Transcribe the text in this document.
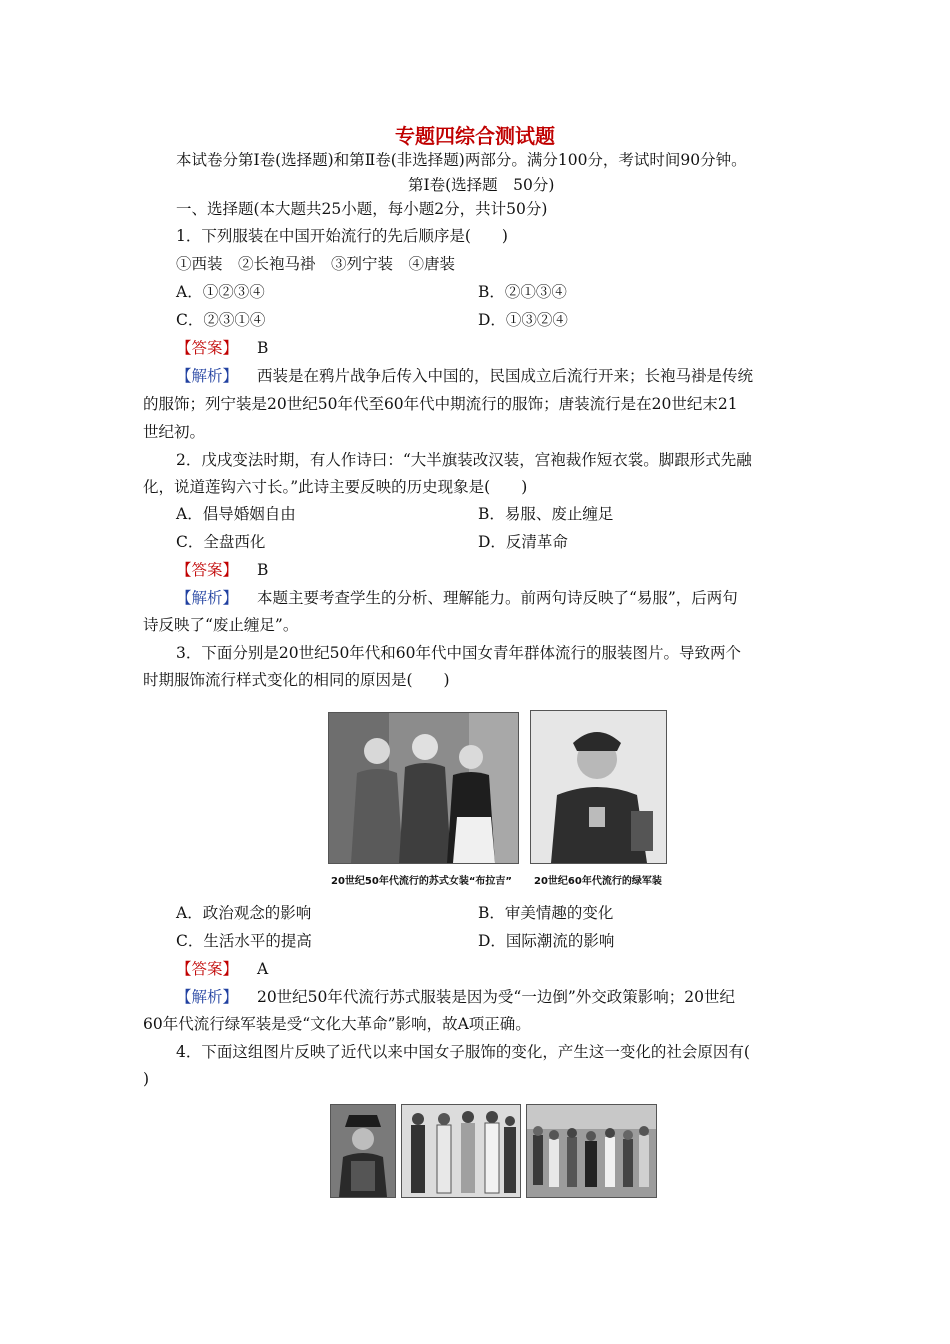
专题四综合测试题
本试卷分第Ⅰ卷(选择题)和第Ⅱ卷(非选择题)两部分。满分100分，考试时间90分钟。
第Ⅰ卷(选择题　50分)
一、选择题(本大题共25小题，每小题2分，共计50分)
1．下列服装在中国开始流行的先后顺序是(　　)
①西装　②长袍马褂　③列宁装　④唐装
A．①②③④	B．②①③④
C．②③①④	D．①③②④
【答案】 B
【解析】 西装是在鸦片战争后传入中国的，民国成立后流行开来；长袍马褂是传统
的服饰；列宁装是20世纪50年代至60年代中期流行的服饰；唐装流行是在20世纪末21
世纪初。
2．戊戌变法时期，有人作诗曰：“大半旗装改汉装，宫袍裁作短衣裳。脚跟形式先融
化，说道莲钩六寸长。”此诗主要反映的历史现象是(　　)
A．倡导婚姻自由	B．易服、废止缠足
C．全盘西化	D．反清革命
【答案】 B
【解析】 本题主要考查学生的分析、理解能力。前两句诗反映了“易服”，后两句
诗反映了“废止缠足”。
3．下面分别是20世纪50年代和60年代中国女青年群体流行的服装图片。导致两个
时期服饰流行样式变化的相同的原因是(　　)
20世纪50年代流行的苏式女装“布拉吉” 20世纪60年代流行的绿军装
A．政治观念的影响	B．审美情趣的变化
C．生活水平的提高	D．国际潮流的影响
【答案】 A
【解析】 20世纪50年代流行苏式服装是因为受“一边倒”外交政策影响；20世纪
60年代流行绿军装是受“文化大革命”影响，故A项正确。
4．下面这组图片反映了近代以来中国女子服饰的变化，产生这一变化的社会原因有(
)
